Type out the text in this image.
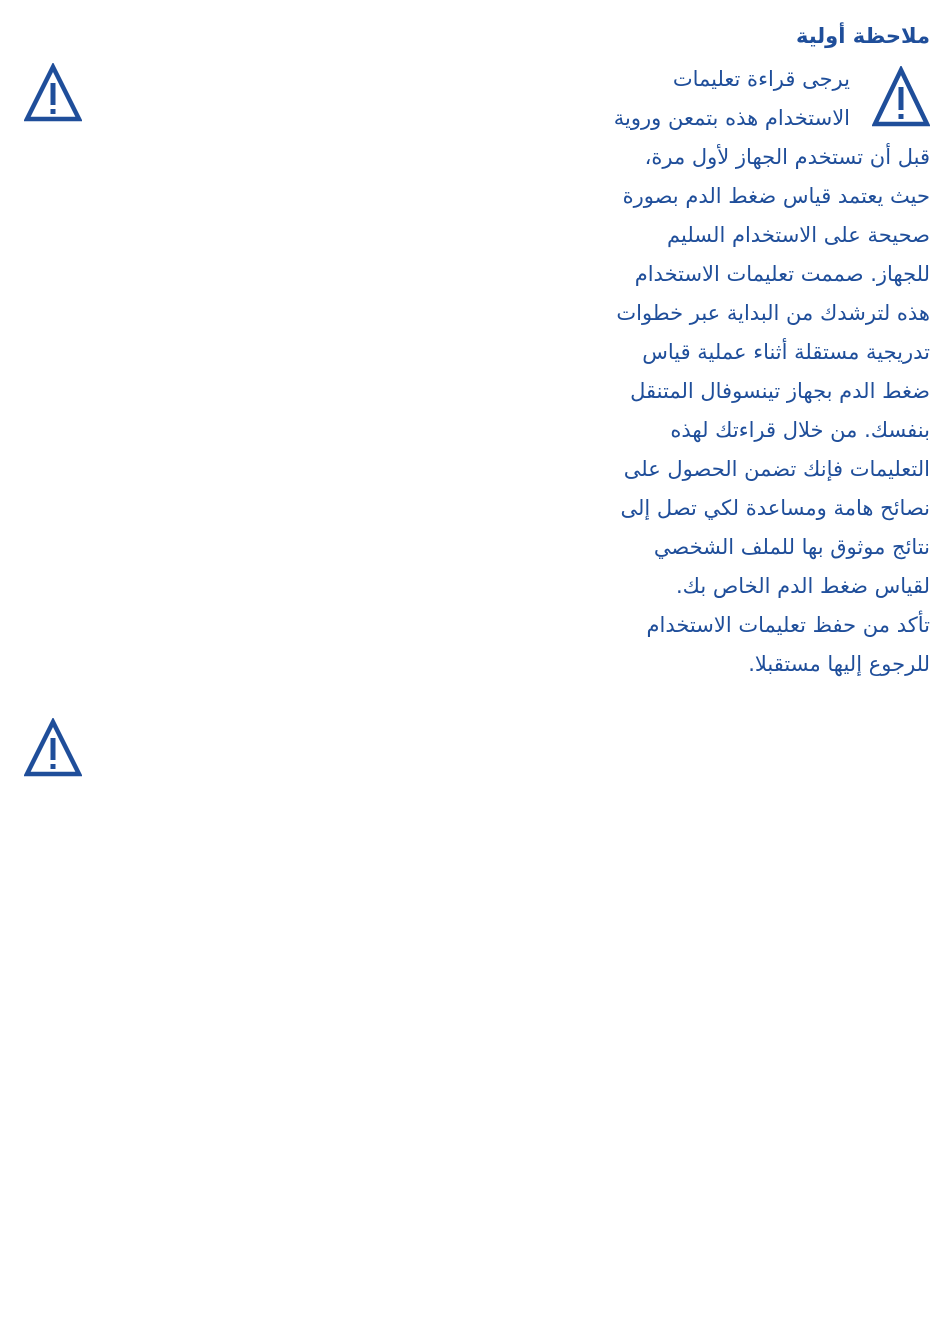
ملاحظة أولية
يرجى قراءة تعليمات
الاستخدام هذه بتمعن وروية
قبل أن تستخدم الجهاز لأول مرة،
حيث يعتمد قياس ضغط الدم بصورة
صحيحة على الاستخدام السليم
للجهاز. صممت تعليمات الاستخدام
هذه لترشدك من البداية عبر خطوات
تدريجية مستقلة أثناء عملية قياس
ضغط الدم بجهاز تينسوفال المتنقل
بنفسك. من خلال قراءتك لهذه
التعليمات فإنك تضمن الحصول على
نصائح هامة ومساعدة لكي تصل إلى
نتائج موثوق بها للملف الشخصي
لقياس ضغط الدم الخاص بك.
تأكد من حفظ تعليمات الاستخدام
للرجوع إليها مستقبلا.
